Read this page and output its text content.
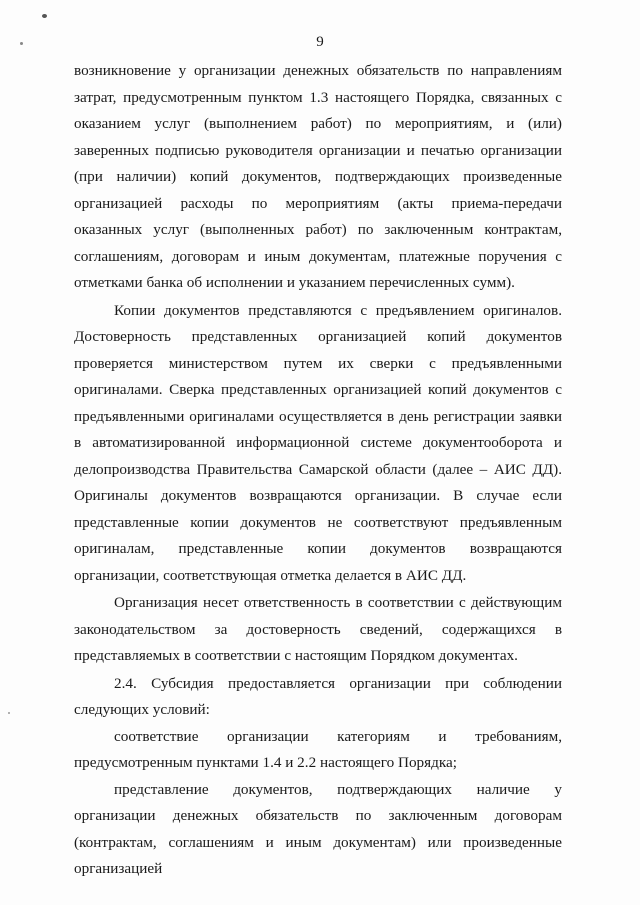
9

возникновение у организации денежных обязательств по направлениям затрат, предусмотренным пунктом 1.3 настоящего Порядка, связанных с оказанием услуг (выполнением работ) по мероприятиям, и (или) заверенных подписью руководителя организации и печатью организации (при наличии) копий документов, подтверждающих произведенные организацией расходы по мероприятиям (акты приема-передачи оказанных услуг (выполненных работ) по заключенным контрактам, соглашениям, договорам и иным документам, платежные поручения с отметками банка об исполнении и указанием перечисленных сумм).

Копии документов представляются с предъявлением оригиналов. Достоверность представленных организацией копий документов проверяется министерством путем их сверки с предъявленными оригиналами. Сверка представленных организацией копий документов с предъявленными оригиналами осуществляется в день регистрации заявки в автоматизированной информационной системе документооборота и делопроизводства Правительства Самарской области (далее – АИС ДД). Оригиналы документов возвращаются организации. В случае если представленные копии документов не соответствуют предъявленным оригиналам, представленные копии документов возвращаются организации, соответствующая отметка делается в АИС ДД.

Организация несет ответственность в соответствии с действующим законодательством за достоверность сведений, содержащихся в представляемых в соответствии с настоящим Порядком документах.

2.4. Субсидия предоставляется организации при соблюдении следующих условий:

соответствие организации категориям и требованиям, предусмотренным пунктами 1.4 и 2.2 настоящего Порядка;

представление документов, подтверждающих наличие у организации денежных обязательств по заключенным договорам (контрактам, соглашениям и иным документам) или произведенные организацией
